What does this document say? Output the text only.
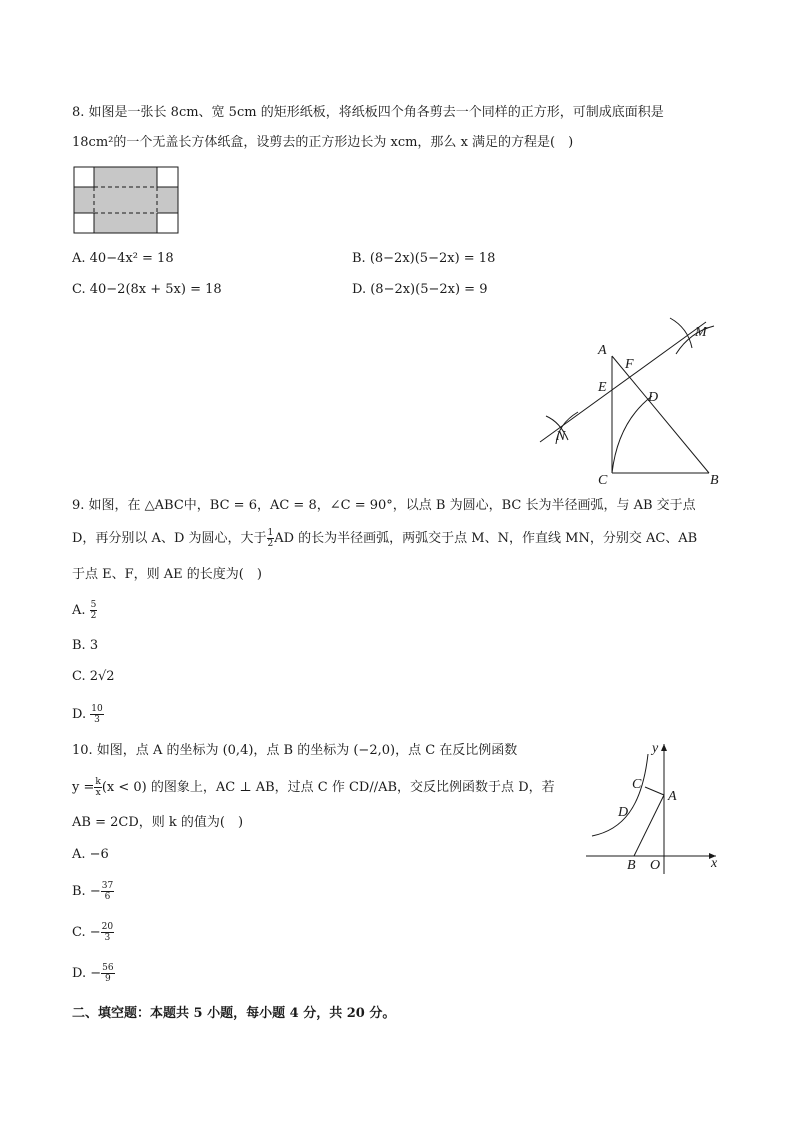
8. 如图是一张长 8cm、宽 5cm 的矩形纸板，将纸板四个角各剪去一个同样的正方形，可制成底面积是
18cm²的一个无盖长方体纸盒，设剪去的正方形边长为 xcm，那么 x 满足的方程是(　)
A. 40−4x² = 18	B. (8−2x)(5−2x) = 18
C. 40−2(8x + 5x) = 18	D. (8−2x)(5−2x) = 9
A
E
F
D
C	B
M
N
9. 如图，在 △ABC中，BC = 6，AC = 8，∠C = 90°，以点 B 为圆心，BC 长为半径画弧，与 AB 交于点
D，再分别以 A、D 为圆心，大于 $\frac{1}{2}$ AD 的长为半径画弧，两弧交于点 M、N，作直线 MN，分别交 AC、AB
于点 E、F，则 AE 的长度为(　)
A. $\frac{5}{2}$
B. 3
C. 2√2
D. $\frac{10}{3}$
10. 如图，点 A 的坐标为 (0,4)，点 B 的坐标为 (−2,0)，点 C 在反比例函数
$y = \frac{k}{x} (x < 0)$ 的图象上，AC ⊥ AB，过点 C 作 CD//AB，交反比例函数于点 D，若
AB = 2CD，则 k 的值为(　)
y
x
A
B O
C
D
A. −6
B. − $\frac{37}{6}$
C. − $\frac{20}{3}$
D. − $\frac{56}{9}$
二、填空题：本题共 5 小题，每小题 4 分，共 20 分。
